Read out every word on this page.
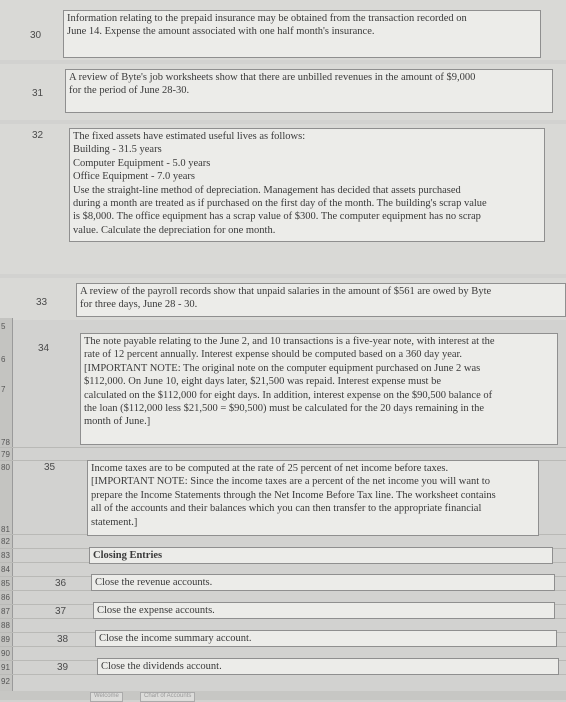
30
Information relating to the prepaid insurance may be obtained from the transaction recorded on
June 14. Expense the amount associated with one half month's insurance.
31
A review of Byte's job worksheets show that there are unbilled revenues in the amount of $9,000
for the period of June 28-30.
32	The fixed assets have estimated useful lives as follows:
Building - 31.5 years
Computer Equipment - 5.0 years
Office Equipment - 7.0 years
Use the straight-line method of depreciation. Management has decided that assets purchased
during a month are treated as if purchased on the first day of the month. The building's scrap value
is $8,000. The office equipment has a scrap value of $300. The computer equipment has no scrap
value. Calculate the depreciation for one month.
33
A review of the payroll records show that unpaid salaries in the amount of $561 are owed by Byte
for three days, June 28 - 30.
5
6
7
78
79
80
81
82
83
84
85
86
87
88
89
90
91
92
34
The note payable relating to the June 2, and 10 transactions is a five-year note, with interest at the
rate of 12 percent annually. Interest expense should be computed based on a 360 day year.
[IMPORTANT NOTE: The original note on the computer equipment purchased on June 2 was
$112,000. On June 10, eight days later, $21,500 was repaid. Interest expense must be
calculated on the $112,000 for eight days. In addition, interest expense on the $90,500 balance of
the loan ($112,000 less $21,500 = $90,500) must be calculated for the 20 days remaining in the
month of June.]
35	Income taxes are to be computed at the rate of 25 percent of net income before taxes.
[IMPORTANT NOTE: Since the income taxes are a percent of the net income you will want to
prepare the Income Statements through the Net Income Before Tax line. The worksheet contains
all of the accounts and their balances which you can then transfer to the appropriate financial
statement.]
Closing Entries
36	Close the revenue accounts.
37	Close the expense accounts.
38	Close the income summary account.
39	Close the dividends account.
Welcome	Chart of Accounts
